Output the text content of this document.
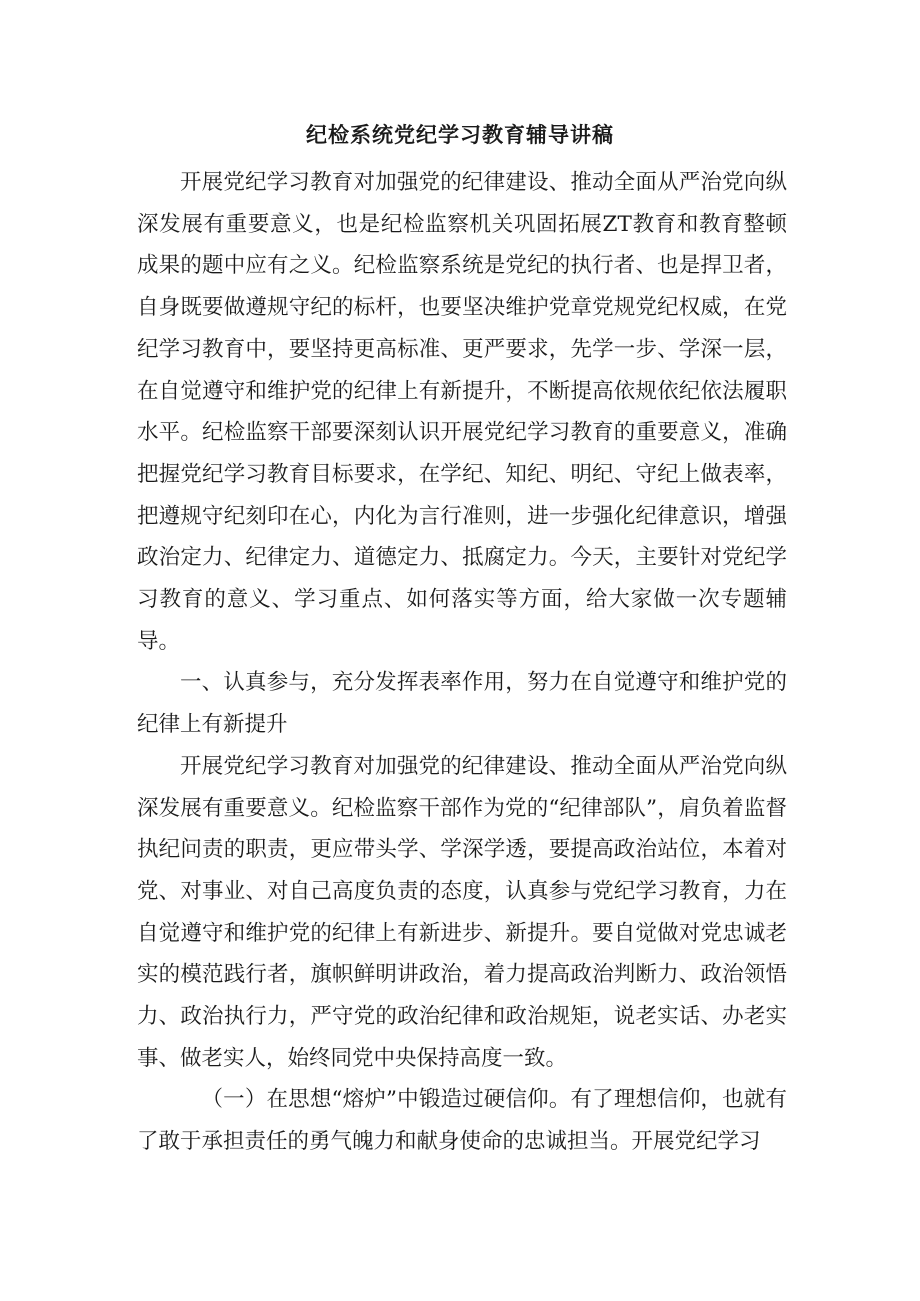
纪检系统党纪学习教育辅导讲稿

开展党纪学习教育对加强党的纪律建设、推动全面从严治党向纵深发展有重要意义，也是纪检监察机关巩固拓展ZT教育和教育整顿成果的题中应有之义。纪检监察系统是党纪的执行者、也是捍卫者，自身既要做遵规守纪的标杆，也要坚决维护党章党规党纪权威，在党纪学习教育中，要坚持更高标准、更严要求，先学一步、学深一层，在自觉遵守和维护党的纪律上有新提升，不断提高依规依纪依法履职水平。纪检监察干部要深刻认识开展党纪学习教育的重要意义，准确把握党纪学习教育目标要求，在学纪、知纪、明纪、守纪上做表率，把遵规守纪刻印在心，内化为言行准则，进一步强化纪律意识，增强政治定力、纪律定力、道德定力、抵腐定力。今天，主要针对党纪学习教育的意义、学习重点、如何落实等方面，给大家做一次专题辅导。

一、认真参与，充分发挥表率作用，努力在自觉遵守和维护党的纪律上有新提升

开展党纪学习教育对加强党的纪律建设、推动全面从严治党向纵深发展有重要意义。纪检监察干部作为党的“纪律部队”，肩负着监督执纪问责的职责，更应带头学、学深学透，要提高政治站位，本着对党、对事业、对自己高度负责的态度，认真参与党纪学习教育，力在自觉遵守和维护党的纪律上有新进步、新提升。要自觉做对党忠诚老实的模范践行者，旗帜鲜明讲政治，着力提高政治判断力、政治领悟力、政治执行力，严守党的政治纪律和政治规矩，说老实话、办老实事、做老实人，始终同党中央保持高度一致。

（一）在思想“熔炉”中锻造过硬信仰。有了理想信仰，也就有了敢于承担责任的勇气魄力和献身使命的忠诚担当。开展党纪学习
